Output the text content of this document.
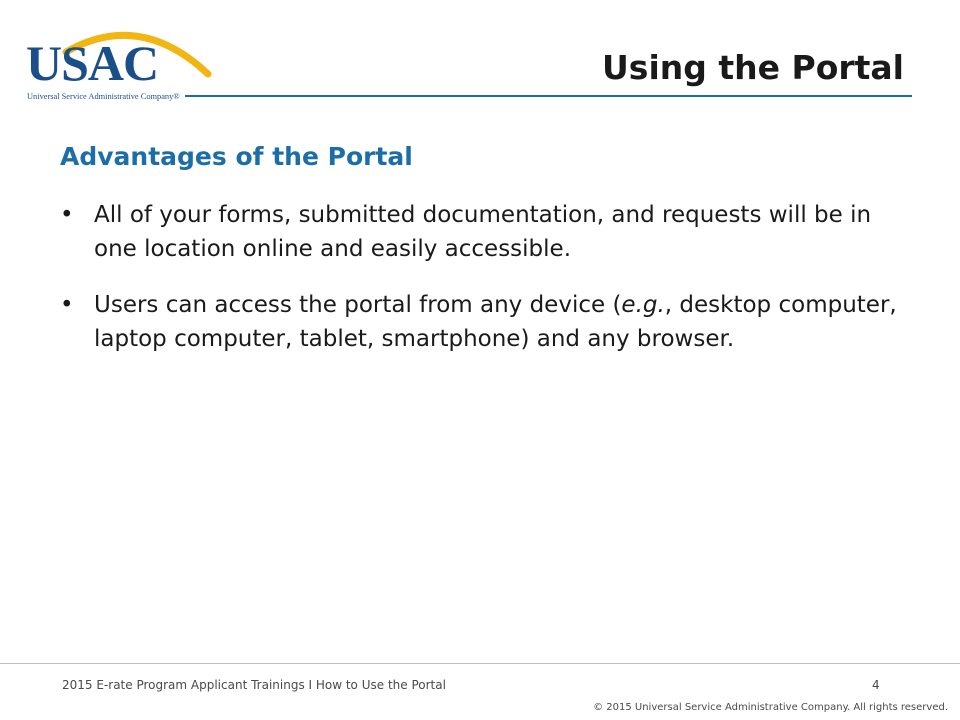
USAC
Universal Service Administrative Company®
Using the Portal
Advantages of the Portal
• All of your forms, submitted documentation, and requests will be in one location online and easily accessible.
• Users can access the portal from any device (e.g., desktop computer, laptop computer, tablet, smartphone) and any browser.
2015 E-rate Program Applicant Trainings I How to Use the Portal	4
© 2015 Universal Service Administrative Company. All rights reserved.
